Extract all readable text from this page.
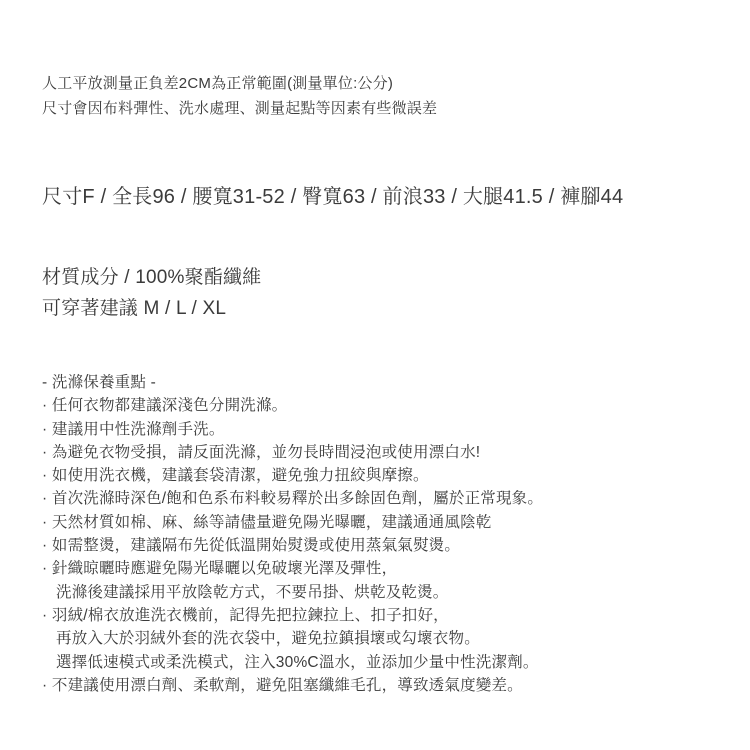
人工平放測量正負差2CM為正常範圍(測量單位:公分)
尺寸會因布料彈性、洗水處理、測量起點等因素有些微誤差
尺寸F / 全長96 / 腰寬31-52 / 臀寬63 / 前浪33 / 大腿41.5 / 褲腳44
材質成分 / 100%聚酯纖維
可穿著建議 M / L / XL
- 洗滌保養重點 -
· 任何衣物都建議深淺色分開洗滌。
· 建議用中性洗滌劑手洗。
· 為避免衣物受損，請反面洗滌，並勿長時間浸泡或使用漂白水!
· 如使用洗衣機，建議套袋清潔，避免強力扭絞與摩擦。
· 首次洗滌時深色/飽和色系布料較易釋於出多餘固色劑，屬於正常現象。
· 天然材質如棉、麻、絲等請儘量避免陽光曝曬，建議通通風陰乾
· 如需整燙，建議隔布先從低溫開始熨燙或使用蒸氣氣熨燙。
· 針織晾曬時應避免陽光曝曬以免破壞光澤及彈性，
洗滌後建議採用平放陰乾方式，不要吊掛、烘乾及乾燙。
· 羽絨/棉衣放進洗衣機前，記得先把拉鍊拉上、扣子扣好，
再放入大於羽絨外套的洗衣袋中，避免拉鎮損壞或勾壞衣物。
選擇低速模式或柔洗模式，注入30%C溫水，並添加少量中性洗潔劑。
· 不建議使用漂白劑、柔軟劑，避免阻塞纖維毛孔，導致透氣度變差。
